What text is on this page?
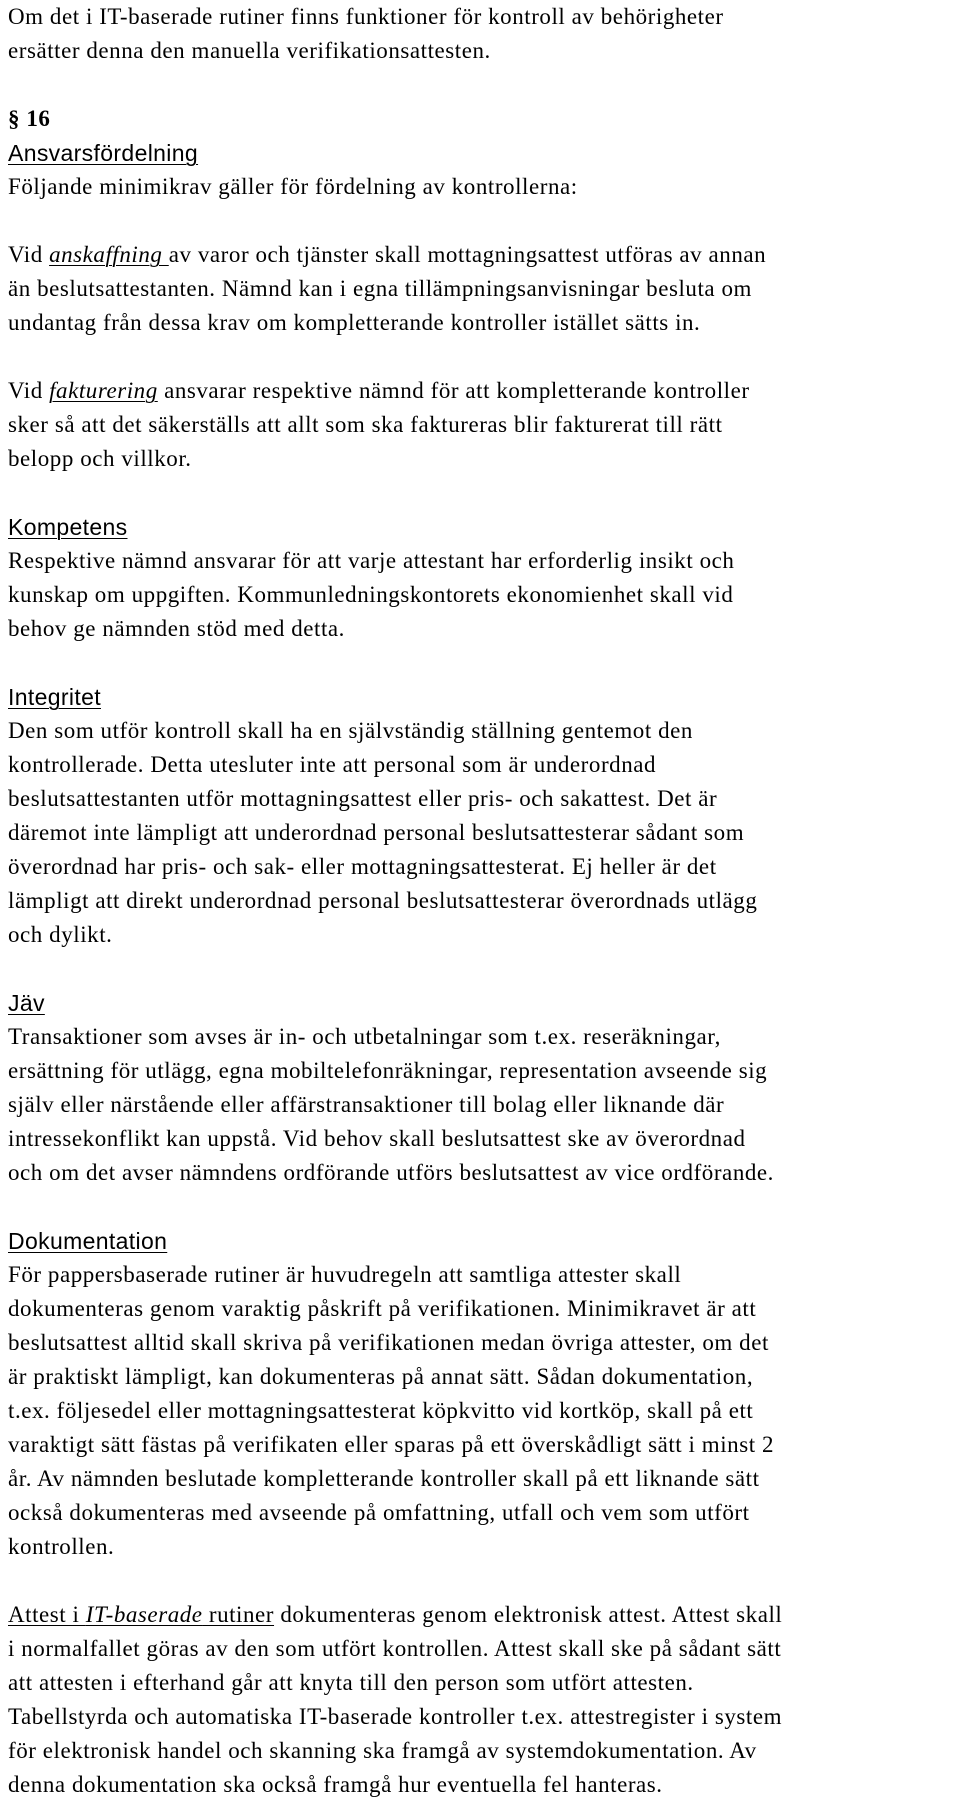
Om det i IT-baserade rutiner finns funktioner för kontroll av behörigheter
ersätter denna den manuella verifikationsattesten.

§ 16
Ansvarsfördelning
Följande minimikrav gäller för fördelning av kontrollerna:

Vid anskaffning av varor och tjänster skall mottagningsattest utföras av annan
än beslutsattestanten. Nämnd kan i egna tillämpningsanvisningar besluta om
undantag från dessa krav om kompletterande kontroller istället sätts in.

Vid fakturering ansvarar respektive nämnd för att kompletterande kontroller
sker så att det säkerställs att allt som ska faktureras blir fakturerat till rätt
belopp och villkor.

Kompetens
Respektive nämnd ansvarar för att varje attestant har erforderlig insikt och
kunskap om uppgiften. Kommunledningskontorets ekonomienhet skall vid
behov ge nämnden stöd med detta.
Integritet
Den som utför kontroll skall ha en självständig ställning gentemot den
kontrollerade. Detta utesluter inte att personal som är underordnad
beslutsattestanten utför mottagningsattest eller pris- och sakattest. Det är
däremot inte lämpligt att underordnad personal beslutsattesterar sådant som
överordnad har pris- och sak- eller mottagningsattesterat. Ej heller är det
lämpligt att direkt underordnad personal beslutsattesterar överordnads utlägg
och dylikt.
Jäv
Transaktioner som avses är in- och utbetalningar som t.ex. reseräkningar,
ersättning för utlägg, egna mobiltelefonräkningar, representation avseende sig
själv eller närstående eller affärstransaktioner till bolag eller liknande där
intressekonflikt kan uppstå. Vid behov skall beslutsattest ske av överordnad
och om det avser nämndens ordförande utförs beslutsattest av vice ordförande.
Dokumentation
För pappersbaserade rutiner är huvudregeln att samtliga attester skall
dokumenteras genom varaktig påskrift på verifikationen. Minimikravet är att
beslutsattest alltid skall skriva på verifikationen medan övriga attester, om det
är praktiskt lämpligt, kan dokumenteras på annat sätt. Sådan dokumentation,
t.ex. följesedel eller mottagningsattesterat köpkvitto vid kortköp, skall på ett
varaktigt sätt fästas på verifikaten eller sparas på ett överskådligt sätt i minst 2
år. Av nämnden beslutade kompletterande kontroller skall på ett liknande sätt
också dokumenteras med avseende på omfattning, utfall och vem som utfört
kontrollen.
Attest i IT-baserade rutiner dokumenteras genom elektronisk attest. Attest skall
i normalfallet göras av den som utfört kontrollen. Attest skall ske på sådant sätt
att attesten i efterhand går att knyta till den person som utfört attesten.
Tabellstyrda och automatiska IT-baserade kontroller t.ex. attestregister i system
för elektronisk handel och skanning ska framgå av systemdokumentation. Av
denna dokumentation ska också framgå hur eventuella fel hanteras.
